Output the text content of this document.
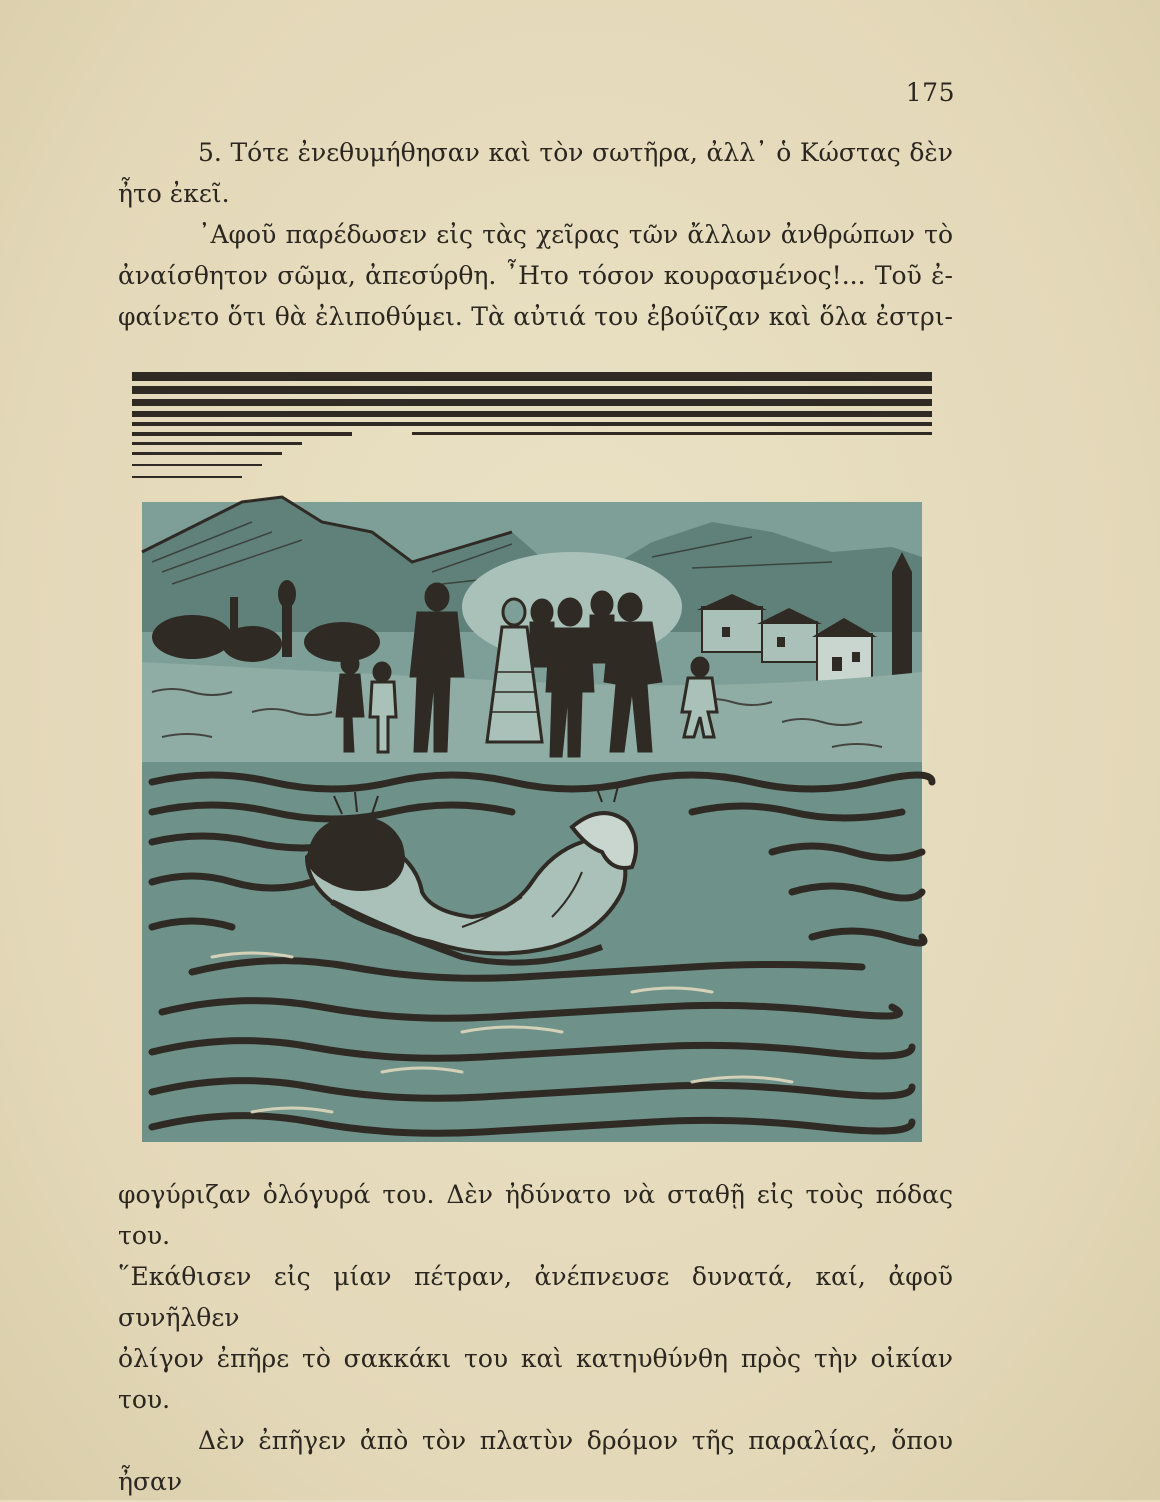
175

5. Τότε ἐνεθυμήθησαν καὶ τὸν σωτῆρα, ἀλλ᾽ ὁ Κώστας δὲν

ἦτο ἐκεῖ.

᾿Αφοῦ παρέδωσεν εἰς τὰς χεῖρας τῶν ἄλλων ἀνθρώπων τὸ

ἀναίσθητον σῶμα, ἀπεσύρθη. ῏Ητο τόσον κουρασμένος!... Τοῦ ἐ-

φαίνετο ὅτι θὰ ἐλιποθύμει. Τὰ αὐτιά του ἐβούϊζαν καὶ ὅλα ἐστρι-

φογύριζαν ὁλόγυρά του. Δὲν ἠδύνατο νὰ σταθῇ εἰς τοὺς πόδας του.

῞Εκάθισεν εἰς μίαν πέτραν, ἀνέπνευσε δυνατά, καί, ἀφοῦ συνῆλθεν

ὀλίγον ἐπῆρε τὸ σακκάκι του καὶ κατηυθύνθη πρὸς τὴν οἰκίαν του.

Δὲν ἐπῆγεν ἀπὸ τὸν πλατὺν δρόμον τῆς παραλίας, ὅπου ἦσαν
